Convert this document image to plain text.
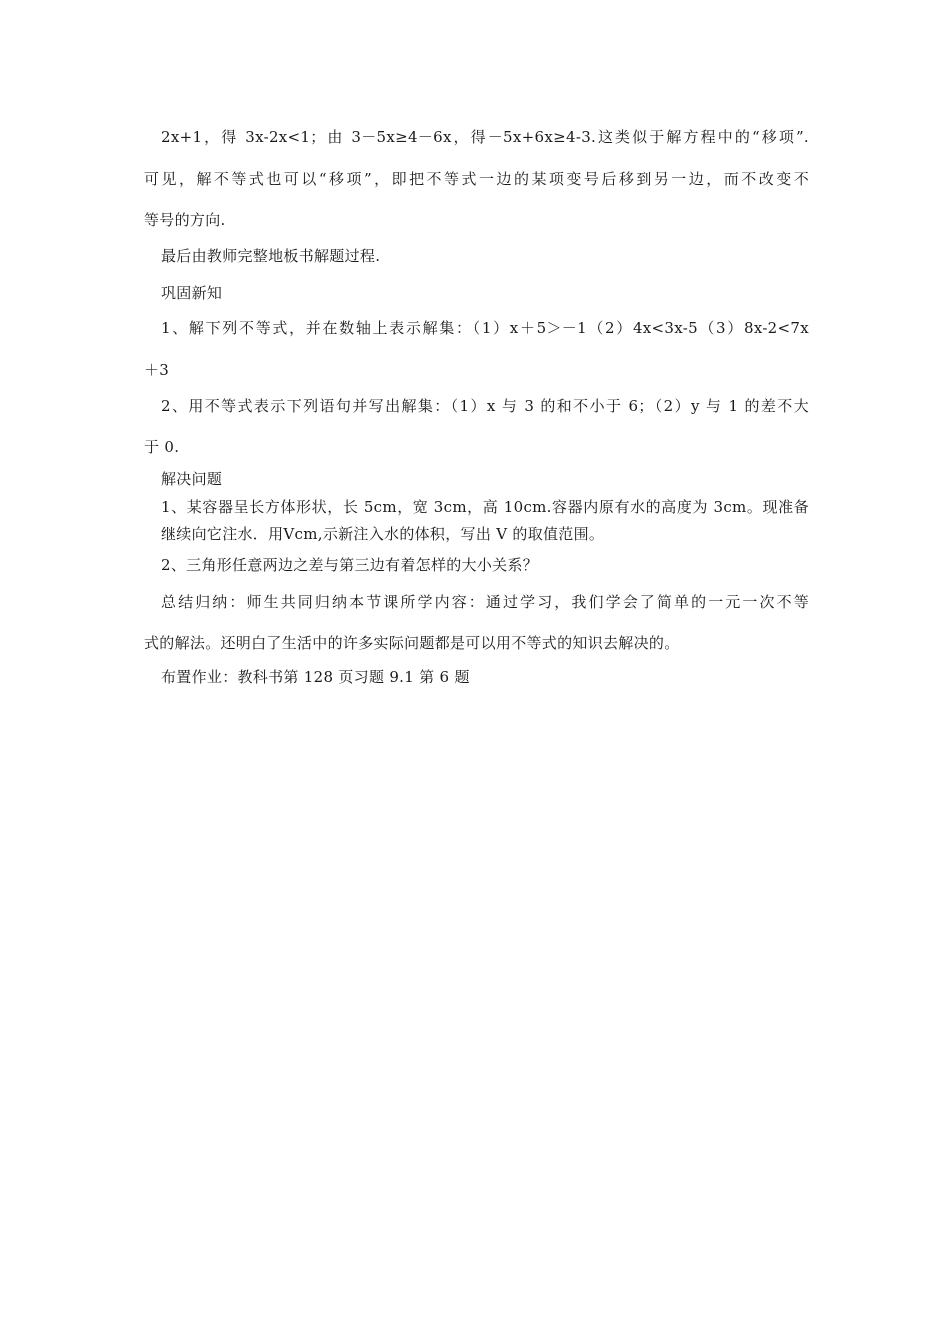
2x+1，得 3x-2x<1；由 3－5x≥4－6x，得－5x+6x≥4-3.这类似于解方程中的“移项”.
可见，解不等式也可以“移项”，即把不等式一边的某项变号后移到另一边，而不改变不
等号的方向.
最后由教师完整地板书解题过程.
巩固新知
1、解下列不等式，并在数轴上表示解集：（1）x＋5＞－1（2）4x<3x-5（3）8x-2<7x
＋3
2、用不等式表示下列语句并写出解集：（1）x 与 3 的和不小于 6；（2）y 与 1 的差不大
于 0.
解决问题
1、某容器呈长方体形状，长 5cm，宽 3cm，高 10cm.容器内原有水的高度为 3cm。现准备
继续向它注水．用Vcm,示新注入水的体积，写出 V 的取值范围。
2、三角形任意两边之差与第三边有着怎样的大小关系？
总结归纳：师生共同归纳本节课所学内容：通过学习，我们学会了简单的一元一次不等
式的解法。还明白了生活中的许多实际问题都是可以用不等式的知识去解决的。
布置作业：教科书第 128 页习题 9.1 第 6 题
